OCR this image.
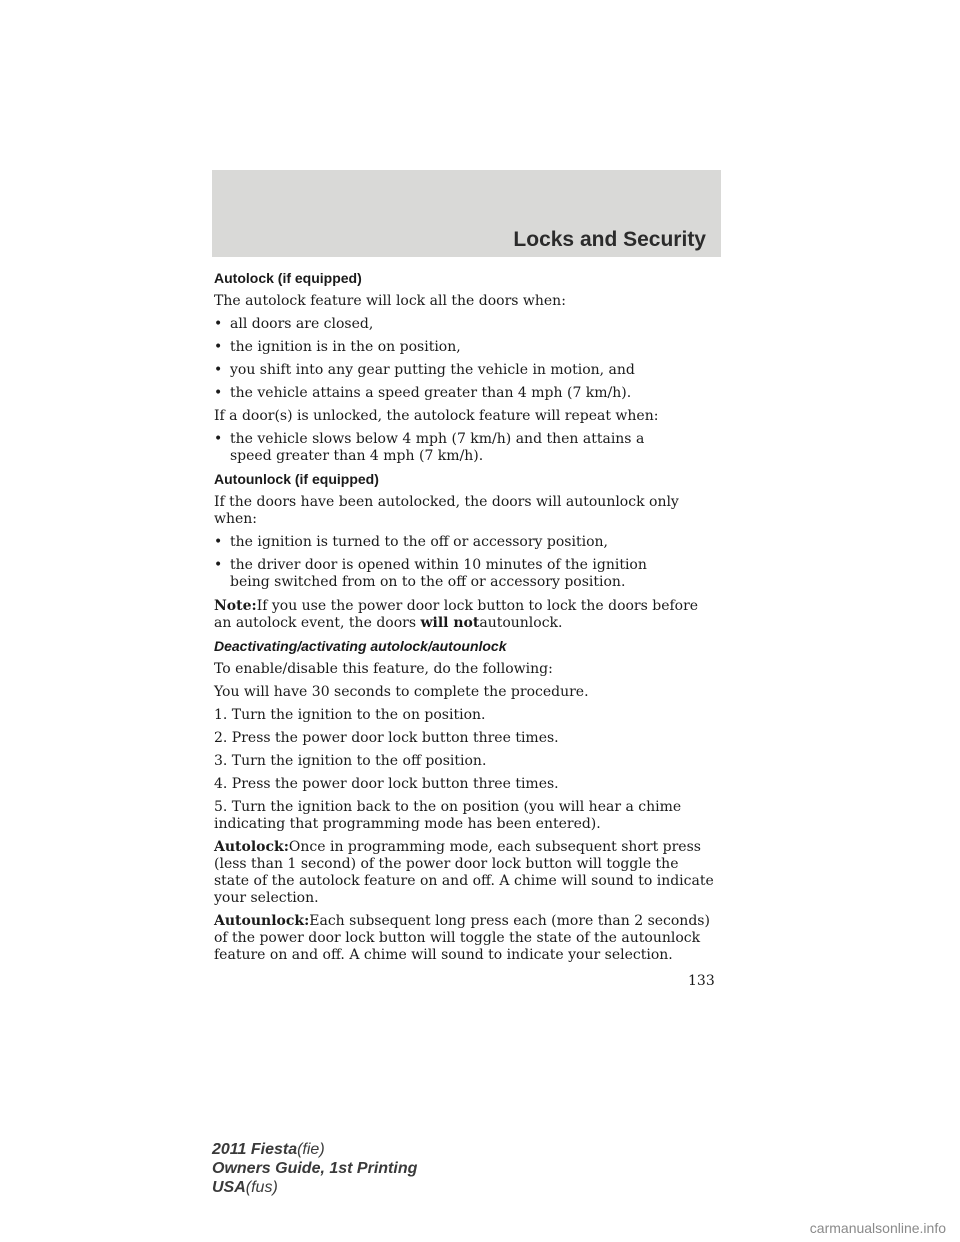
Locks and Security
Autolock (if equipped)

The autolock feature will lock all the doors when:

• all doors are closed,
• the ignition is in the on position,
• you shift into any gear putting the vehicle in motion, and
• the vehicle attains a speed greater than 4 mph (7 km/h).

If a door(s) is unlocked, the autolock feature will repeat when:

• the vehicle slows below 4 mph (7 km/h) and then attains a speed greater than 4 mph (7 km/h).
Autounlock (if equipped)

If the doors have been autolocked, the doors will autounlock only when:

• the ignition is turned to the off or accessory position,
• the driver door is opened within 10 minutes of the ignition being switched from on to the off or accessory position.

Note:If you use the power door lock button to lock the doors before an autolock event, the doors will notautounlock.

Deactivating/activating autolock/autounlock

To enable/disable this feature, do the following:

You will have 30 seconds to complete the procedure.

1. Turn the ignition to the on position.

2. Press the power door lock button three times.

3. Turn the ignition to the off position.

4. Press the power door lock button three times.

5. Turn the ignition back to the on position (you will hear a chime indicating that programming mode has been entered).

Autolock:Once in programming mode, each subsequent short press (less than 1 second) of the power door lock button will toggle the state of the autolock feature on and off. A chime will sound to indicate your selection.

Autounlock:Each subsequent long press each (more than 2 seconds) of the power door lock button will toggle the state of the autounlock feature on and off. A chime will sound to indicate your selection.

133
2011 Fiesta(fie)
Owners Guide, 1st Printing
USA(fus)
carmanualsonline.info
